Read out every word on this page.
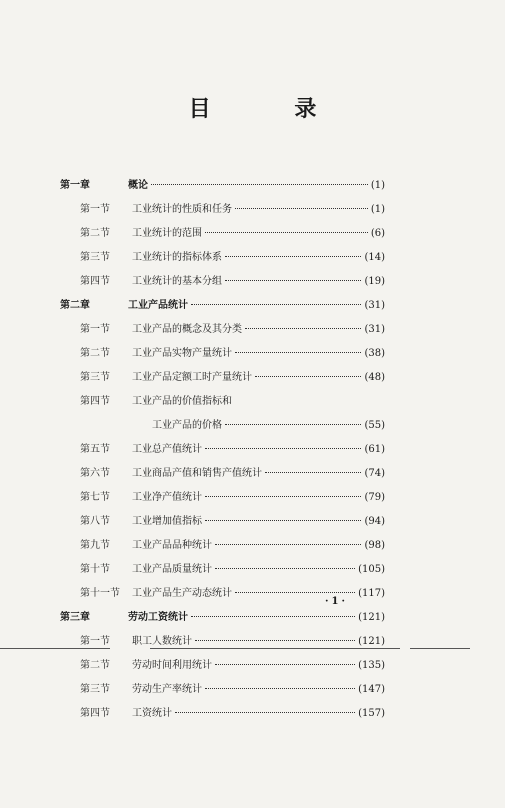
目 录
第一章	概论	(1)
第一节 工业统计的性质和任务	(1)
第二节 工业统计的范围	(6)
第三节 工业统计的指标体系	(14)
第四节 工业统计的基本分组	(19)
第二章	工业产品统计	(31)
第一节 工业产品的概念及其分类	(31)
第二节 工业产品实物产量统计	(38)
第三节 工业产品定额工时产量统计	(48)
第四节 工业产品的价值指标和
工业产品的价格	(55)
第五节 工业总产值统计	(61)
第六节 工业商品产值和销售产值统计	(74)
第七节 工业净产值统计	(79)
第八节 工业增加值指标	(94)
第九节 工业产品品种统计	(98)
第十节 工业产品质量统计	(105)
第十一节 工业产品生产动态统计	(117)
第三章	劳动工资统计	(121)
第一节 职工人数统计	(121)
第二节 劳动时间利用统计	(135)
第三节 劳动生产率统计	(147)
第四节 工资统计	(157)
·1·
